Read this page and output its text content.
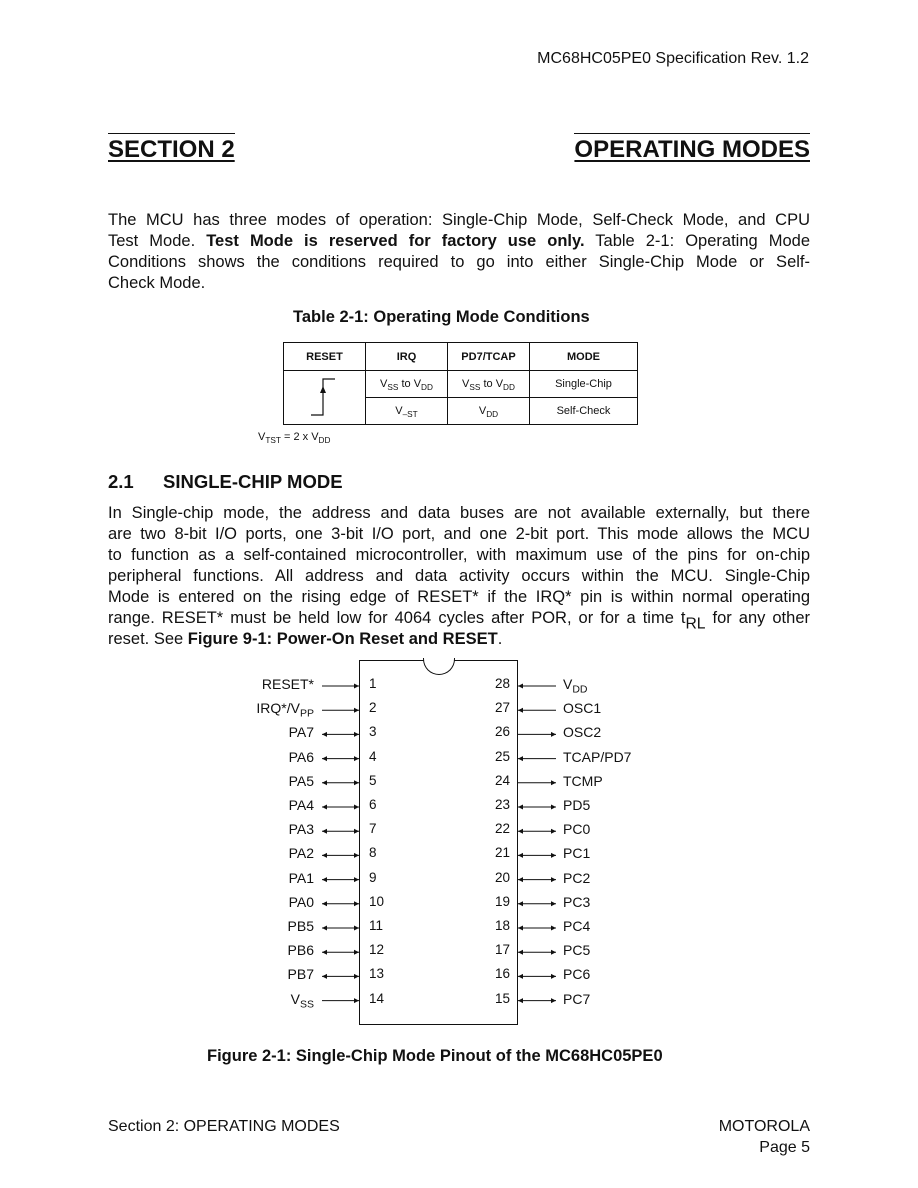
MC68HC05PE0 Specification Rev. 1.2
SECTION 2	OPERATING MODES
The MCU has three modes of operation: Single-Chip Mode, Self-Check Mode, and CPU
Test Mode. Test Mode is reserved for factory use only. Table 2-1: Operating Mode
Conditions shows the conditions required to go into either Single-Chip Mode or Self-
Check Mode.
Table 2-1: Operating Mode Conditions
RESET	IRQ	PD7/TCAP	MODE
	$V_{SS}$ to $V_{DD}$	$V_{SS}$ to $V_{DD}$	Single-Chip
	$V_{-ST}$	$V_{DD}$	Self-Check
$V_{TST} = 2$ x $V_{DD}$
2.1 SINGLE-CHIP MODE
In Single-chip mode, the address and data buses are not available externally, but there
are two 8-bit I/O ports, one 3-bit I/O port, and one 2-bit port. This mode allows the MCU
to function as a self-contained microcontroller, with maximum use of the pins for on-chip
peripheral functions. All address and data activity occurs within the MCU. Single-Chip
Mode is entered on the rising edge of RESET* if the IRQ* pin is within normal operating
range. RESET* must be held low for 4064 cycles after POR, or for a time $t_{RL}$ for any other
reset. See Figure 9-1: Power-On Reset and RESET.
RESET*	1
$IRQ*/V_{PP}$	2
PA7	3
PA6	4
PA5	5
PA4	6
PA3	7
PA2	8
PA1	9
PA0	10
PB5	11
PB6	12
PB7	13
$V_{SS}$	14
$V_{DD}$
28
OSC1
27
OSC2
26
TCAP/PD7
25
TCMP
24
PD5
23
PC0
22
PC1
21
PC2
20
PC3
19
PC4
18
PC5
17
PC6
16
PC7
15
Figure 2-1: Single-Chip Mode Pinout of the MC68HC05PE0
Section 2: OPERATING MODES	MOTOROLA
Page 5
